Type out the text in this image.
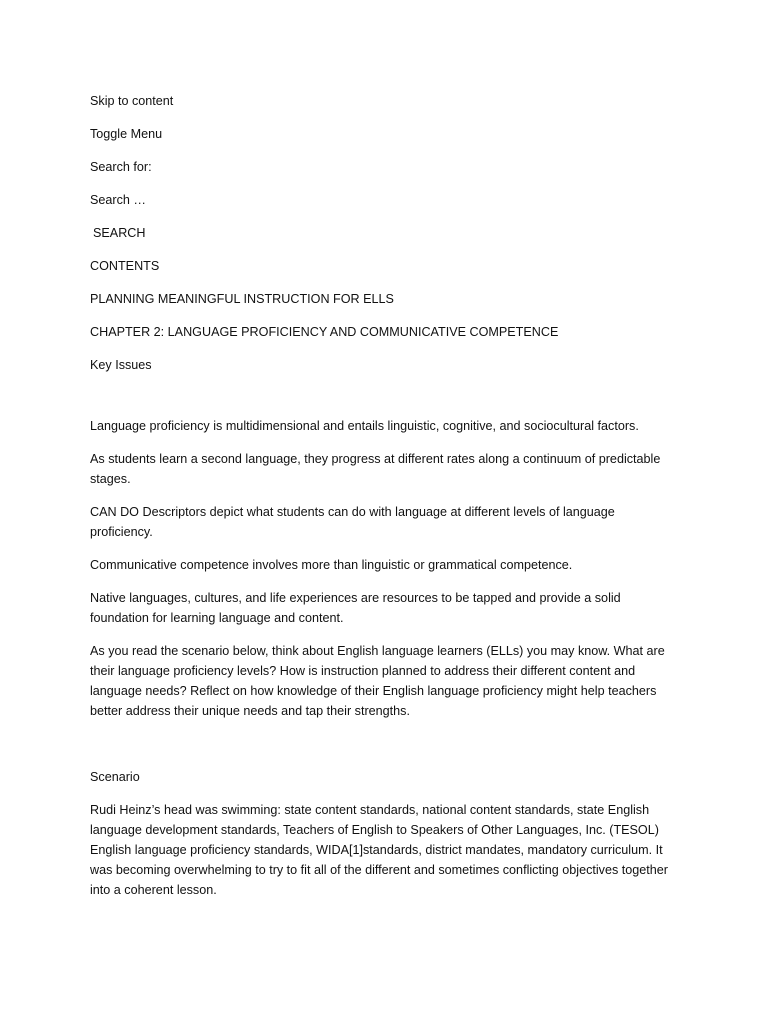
Skip to content

Toggle Menu

Search for:

Search …

SEARCH

CONTENTS

PLANNING MEANINGFUL INSTRUCTION FOR ELLS

CHAPTER 2: LANGUAGE PROFICIENCY AND COMMUNICATIVE COMPETENCE

Key Issues

Language proficiency is multidimensional and entails linguistic, cognitive, and sociocultural factors.

As students learn a second language, they progress at different rates along a continuum of predictable stages.

CAN DO Descriptors depict what students can do with language at different levels of language proficiency.

Communicative competence involves more than linguistic or grammatical competence.

Native languages, cultures, and life experiences are resources to be tapped and provide a solid foundation for learning language and content.

As you read the scenario below, think about English language learners (ELLs) you may know. What are their language proficiency levels? How is instruction planned to address their different content and language needs? Reflect on how knowledge of their English language proficiency might help teachers better address their unique needs and tap their strengths.

Scenario

Rudi Heinz’s head was swimming: state content standards, national content standards, state English language development standards, Teachers of English to Speakers of Other Languages, Inc. (TESOL) English language proficiency standards, WIDA[1]standards, district mandates, mandatory curriculum. It was becoming overwhelming to try to fit all of the different and sometimes conflicting objectives together into a coherent lesson.
